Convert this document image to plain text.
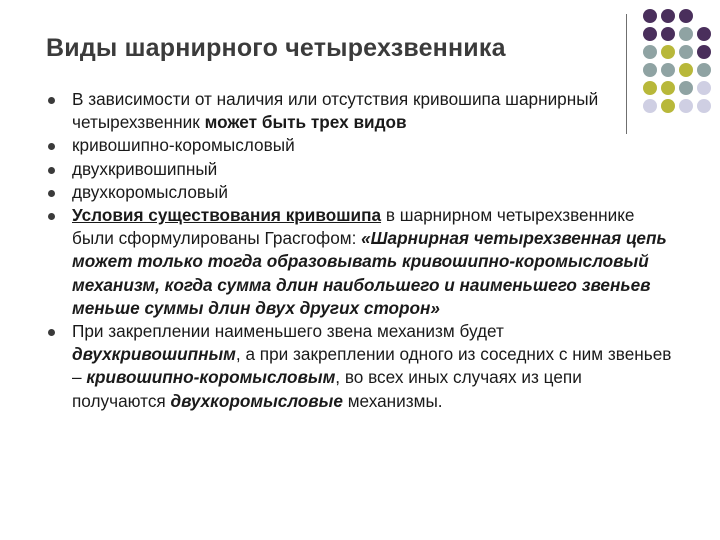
Виды шарнирного четырехзвенника
В зависимости от наличия или отсутствия кривошипа шарнирный четырехзвенник может быть трех видов
кривошипно-коромысловый
двухкривошипный
двухкоромысловый
Условия существования кривошипа в шарнирном четырехзвеннике были сформулированы Грасгофом: «Шарнирная четырехзвенная цепь может только тогда образовывать кривошипно-коромысловый механизм, когда сумма длин наибольшего и наименьшего звеньев меньше суммы длин двух других сторон»
При закреплении наименьшего звена механизм будет двухкривошипным, а при закреплении одного из соседних с ним звеньев – кривошипно-коромысловым, во всех иных случаях из цепи получаются двухкоромысловые механизмы.
